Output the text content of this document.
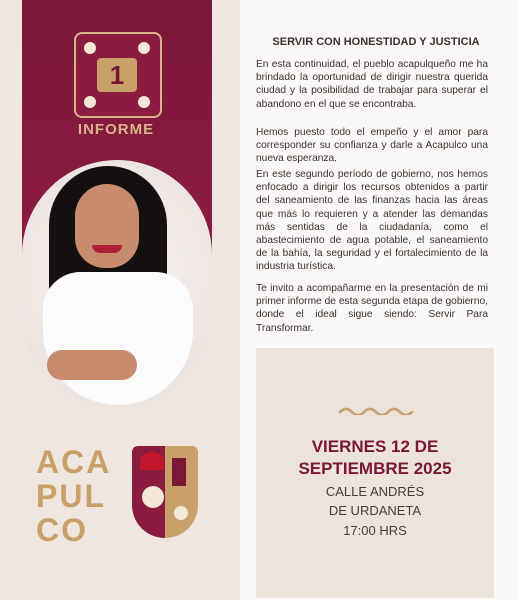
1
INFORME
ACA
PUL
CO
SERVIR CON HONESTIDAD Y JUSTICIA
En esta continuidad, el pueblo acapulqueño me ha brindado la oportunidad de dirigir nuestra querida ciudad y la posibilidad de trabajar para superar el abandono en el que se encontraba.
Hemos puesto todo el empeño y el amor para corresponder su confianza y darle a Acapulco una nueva esperanza.
En este segundo período de gobierno, nos hemos enfocado a dirigir los recursos obtenidos a partir del saneamiento de las finanzas hacia las áreas que más lo requieren y a atender las demandas más sentidas de la ciudadanía, como el abastecimiento de agua potable, el saneamiento de la bahía, la seguridad y el fortalecimiento de la industria turística.
Te invito a acompañarme en la presentación de mi primer informe de esta segunda etapa de gobierno, donde el ideal sigue siendo: Servir Para Transformar.
VIERNES 12 DE
SEPTIEMBRE 2025
CALLE ANDRÉS
DE URDANETA
17:00 HRS
